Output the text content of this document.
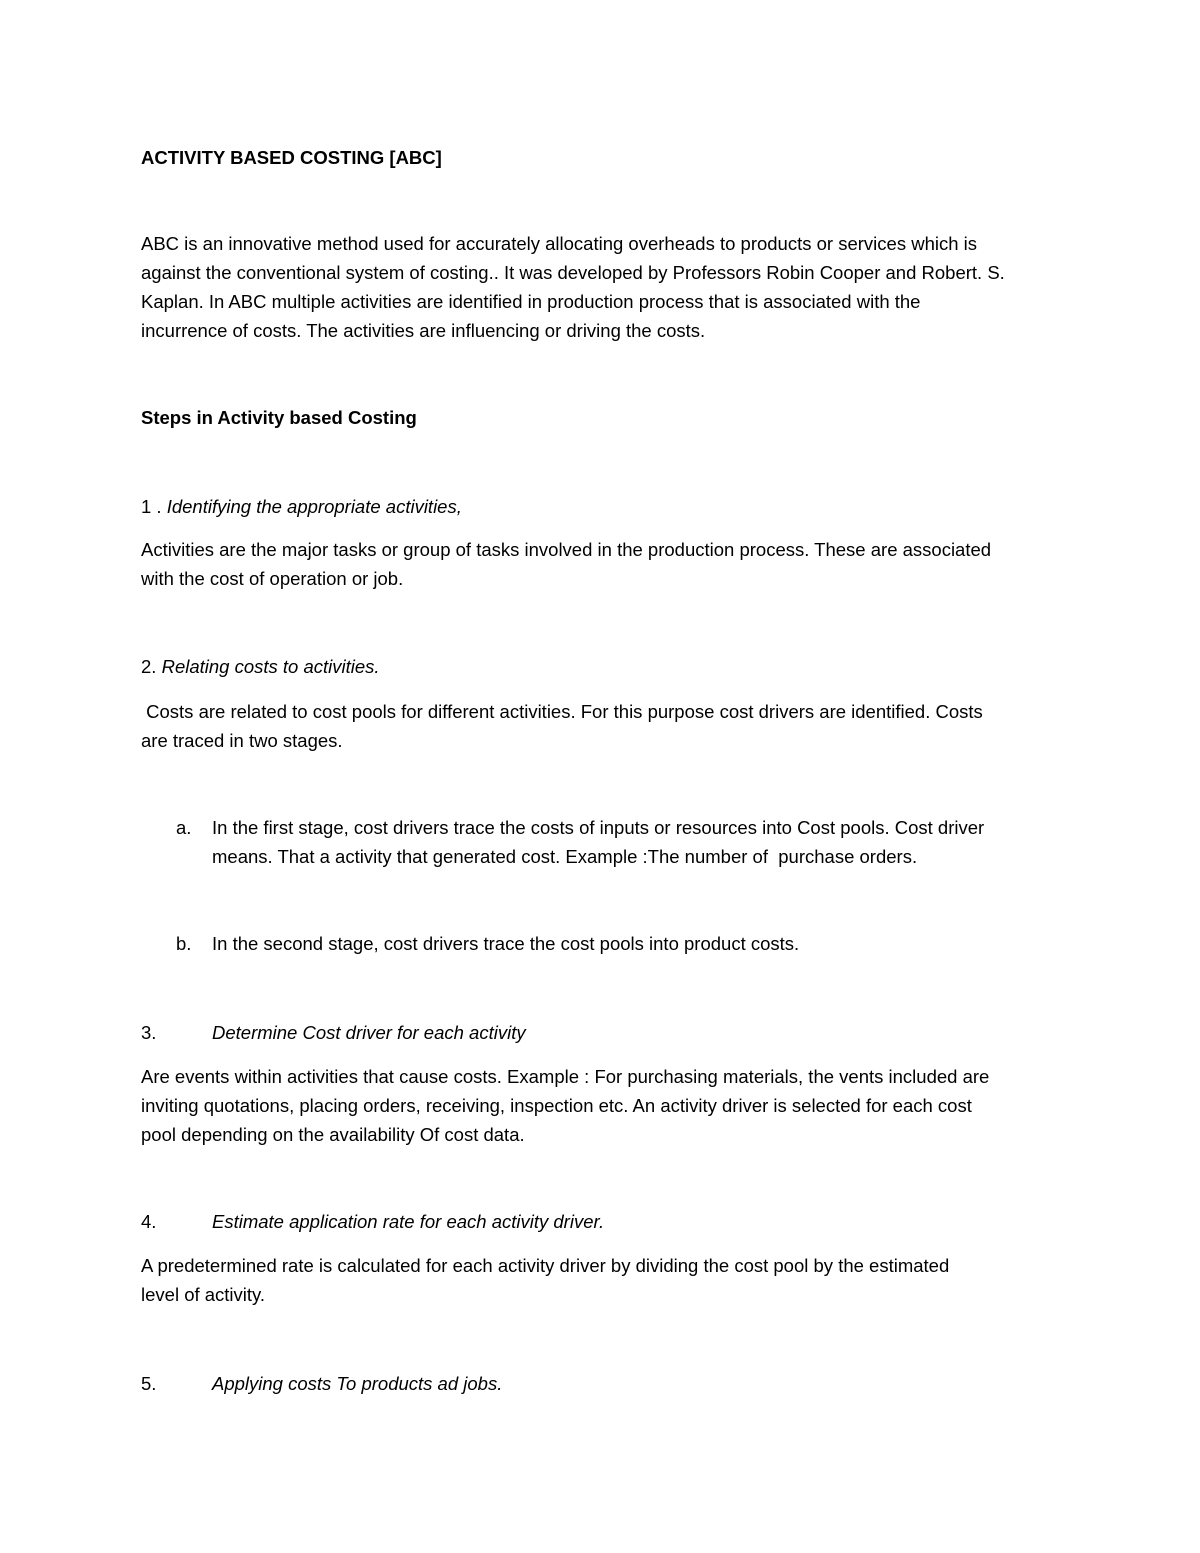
ACTIVITY BASED COSTING [ABC]

ABC is an innovative method used for accurately allocating overheads to products or services which is

against the conventional system of costing.. It was developed by Professors Robin Cooper and Robert. S.

Kaplan. In ABC multiple activities are identified in production process that is associated with the

incurrence of costs. The activities are influencing or driving the costs.

Steps in Activity based Costing

1 . Identifying the appropriate activities,

Activities are the major tasks or group of tasks involved in the production process. These are associated

with the cost of operation or job.

2. Relating costs to activities.

Costs are related to cost pools for different activities. For this purpose cost drivers are identified. Costs

are traced in two stages.

a. In the first stage, cost drivers trace the costs of inputs or resources into Cost pools. Cost driver
means. That a activity that generated cost. Example :The number of  purchase orders.
b. In the second stage, cost drivers trace the cost pools into product costs.
3.	Determine Cost driver for each activity

Are events within activities that cause costs. Example : For purchasing materials, the vents included are

inviting quotations, placing orders, receiving, inspection etc. An activity driver is selected for each cost

pool depending on the availability Of cost data.

4.	Estimate application rate for each activity driver.

A predetermined rate is calculated for each activity driver by dividing the cost pool by the estimated

level of activity.

5.	Applying costs To products ad jobs.
